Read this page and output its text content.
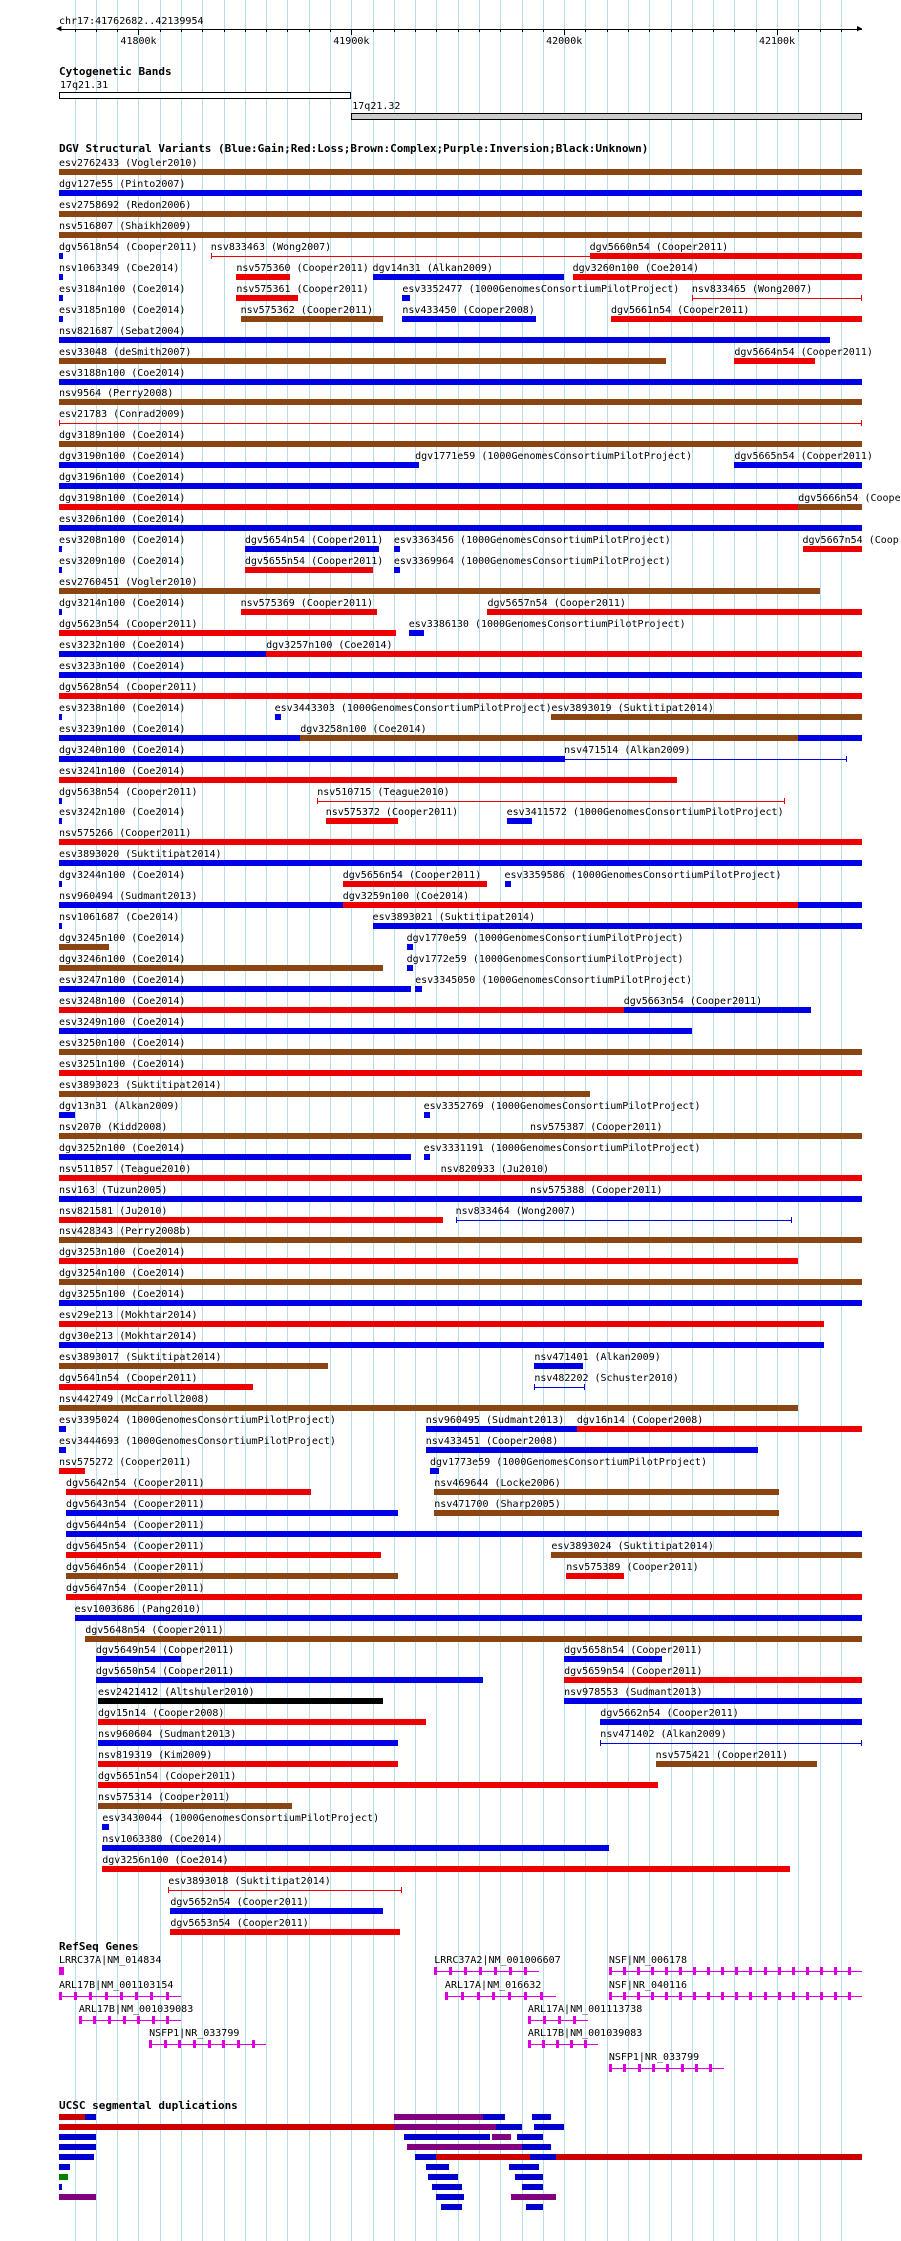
chr17:41762682..42139954
◀	▶
41800k	41900k	42000k	42100k
Cytogenetic Bands
17q21.31
17q21.32
DGV Structural Variants (Blue:Gain;Red:Loss;Brown:Complex;Purple:Inversion;Black:Unknown)
esv2762433 (Vogler2010)
dgv127e55 (Pinto2007)
esv2758692 (Redon2006)
nsv516807 (Shaikh2009)
dgv5618n54 (Cooper2011) nsv833463 (Wong2007)	dgv5660n54 (Cooper2011)
nsv1063349 (Coe2014)	nsv575360 (Cooper2011) dgv14n31 (Alkan2009)	dgv3260n100 (Coe2014)
esv3184n100 (Coe2014)	nsv575361 (Cooper2011)	esv3352477 (1000GenomesConsortiumPilotProject) nsv833465 (Wong2007)
esv3185n100 (Coe2014)	nsv575362 (Cooper2011)	nsv433450 (Cooper2008)	dgv5661n54 (Cooper2011)
nsv821687 (Sebat2004)
esv33048 (deSmith2007)	dgv5664n54 (Cooper2011)
esv3188n100 (Coe2014)
nsv9564 (Perry2008)
esv21783 (Conrad2009)
dgv3189n100 (Coe2014)
dgv3190n100 (Coe2014)	dgv1771e59 (1000GenomesConsortiumPilotProject)	dgv5665n54 (Cooper2011)
dgv3196n100 (Coe2014)
dgv3198n100 (Coe2014)	dgv5666n54 (Coope
esv3206n100 (Coe2014)
esv3208n100 (Coe2014)	dgv5654n54 (Cooper2011) esv3363456 (1000GenomesConsortiumPilotProject)	dgv5667n54 (Coop
esv3209n100 (Coe2014)	dgv5655n54 (Cooper2011) esv3369964 (1000GenomesConsortiumPilotProject)
esv2760451 (Vogler2010)
dgv3214n100 (Coe2014)	nsv575369 (Cooper2011)	dgv5657n54 (Cooper2011)
dgv5623n54 (Cooper2011)	esv3386130 (1000GenomesConsortiumPilotProject)
esv3232n100 (Coe2014)	dgv3257n100 (Coe2014)
esv3233n100 (Coe2014)
dgv5628n54 (Cooper2011)
esv3238n100 (Coe2014)	esv3443303 (1000GenomesConsortiumPilotProject) esv3893019 (Suktitipat2014)
esv3239n100 (Coe2014)	dgv3258n100 (Coe2014)
dgv3240n100 (Coe2014)	nsv471514 (Alkan2009)
esv3241n100 (Coe2014)
dgv5638n54 (Cooper2011)	nsv510715 (Teague2010)
esv3242n100 (Coe2014)	nsv575372 (Cooper2011)	esv3411572 (1000GenomesConsortiumPilotProject)
nsv575266 (Cooper2011)
esv3893020 (Suktitipat2014)
dgv3244n100 (Coe2014)	dgv5656n54 (Cooper2011) esv3359586 (1000GenomesConsortiumPilotProject)
nsv960494 (Sudmant2013)	dgv3259n100 (Coe2014)
nsv1061687 (Coe2014)	esv3893021 (Suktitipat2014)
dgv3245n100 (Coe2014)	dgv1770e59 (1000GenomesConsortiumPilotProject)
dgv3246n100 (Coe2014)	dgv1772e59 (1000GenomesConsortiumPilotProject)
esv3247n100 (Coe2014)	esv3345050 (1000GenomesConsortiumPilotProject)
esv3248n100 (Coe2014)	dgv5663n54 (Cooper2011)
esv3249n100 (Coe2014)
esv3250n100 (Coe2014)
esv3251n100 (Coe2014)
esv3893023 (Suktitipat2014)
dgv13n31 (Alkan2009)	esv3352769 (1000GenomesConsortiumPilotProject)
nsv2070 (Kidd2008)	nsv575387 (Cooper2011)
dgv3252n100 (Coe2014)	esv3331191 (1000GenomesConsortiumPilotProject)
nsv511057 (Teague2010)	nsv820933 (Ju2010)
nsv163 (Tuzun2005)	nsv575388 (Cooper2011)
nsv821581 (Ju2010)	nsv833464 (Wong2007)
nsv428343 (Perry2008b)
dgv3253n100 (Coe2014)
dgv3254n100 (Coe2014)
dgv3255n100 (Coe2014)
esv29e213 (Mokhtar2014)
dgv30e213 (Mokhtar2014)
esv3893017 (Suktitipat2014)	nsv471401 (Alkan2009)
dgv5641n54 (Cooper2011)	nsv482202 (Schuster2010)
nsv442749 (McCarroll2008)
esv3395024 (1000GenomesConsortiumPilotProject)	nsv960495 (Sudmant2013) dgv16n14 (Cooper2008)
esv3444693 (1000GenomesConsortiumPilotProject)	nsv433451 (Cooper2008)
nsv575272 (Cooper2011)	dgv1773e59 (1000GenomesConsortiumPilotProject)
dgv5642n54 (Cooper2011)	nsv469644 (Locke2006)
dgv5643n54 (Cooper2011)	nsv471700 (Sharp2005)
dgv5644n54 (Cooper2011)
dgv5645n54 (Cooper2011)	esv3893024 (Suktitipat2014)
dgv5646n54 (Cooper2011)	nsv575389 (Cooper2011)
dgv5647n54 (Cooper2011)
esv1003686 (Pang2010)
dgv5648n54 (Cooper2011)
dgv5649n54 (Cooper2011)	dgv5658n54 (Cooper2011)
dgv5650n54 (Cooper2011)	dgv5659n54 (Cooper2011)
esv2421412 (Altshuler2010)	nsv978553 (Sudmant2013)
dgv15n14 (Cooper2008)	dgv5662n54 (Cooper2011)
nsv960604 (Sudmant2013)	nsv471402 (Alkan2009)
nsv819319 (Kim2009)	nsv575421 (Cooper2011)
dgv5651n54 (Cooper2011)
nsv575314 (Cooper2011)
esv3430044 (1000GenomesConsortiumPilotProject)
nsv1063380 (Coe2014)
dgv3256n100 (Coe2014)
esv3893018 (Suktitipat2014)
dgv5652n54 (Cooper2011)
dgv5653n54 (Cooper2011)
RefSeq Genes
LRRC37A|NM_014834	LRRC37A2|NM_001006607	NSF|NM_006178
ARL17B|NM_001103154	ARL17A|NM_016632	NSF|NR_040116
ARL17B|NM_001039083	ARL17A|NM_001113738
NSFP1|NR_033799	ARL17B|NM_001039083
NSFP1|NR_033799
UCSC segmental duplications
